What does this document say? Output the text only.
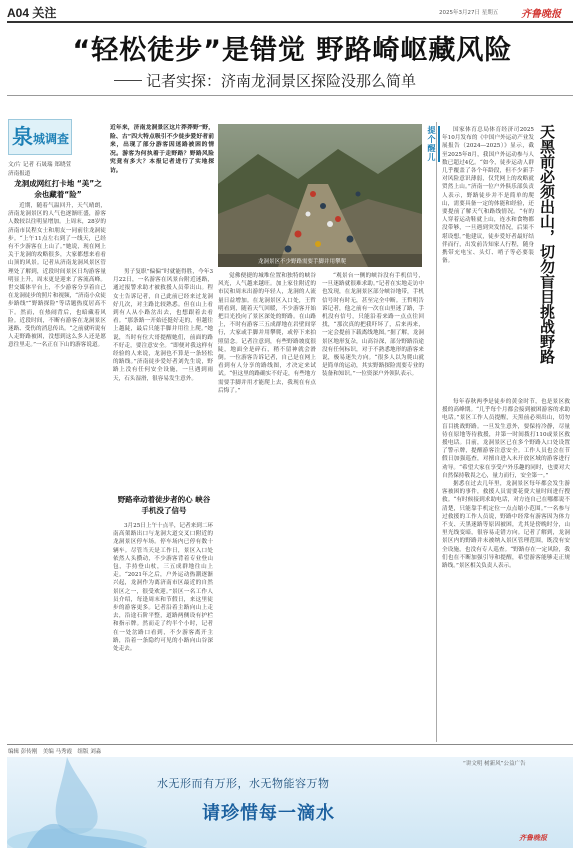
A04 关注	2025年3月27日 星期五 齐鲁晚报
“轻松徒步”是错觉 野路崎岖藏风险
记者实探：济南龙洞景区探险没那么简单
泉 城调查
文/片 记者 石晟瑞 郑晓萱
济南报道
近年来，济南龙洞景区这片莽莽野“野，险、古”四大特点吸引不少徒步爱好者前来，出现了部分游客因迷路被困的情况。游客为何执着于走野路？野路风险究竟有多大？本报记者进行了实地探访。
龙洞景区不少野路需要手脚并用攀爬
提个醒儿	天黑前必须出山，切勿盲目挑战野路
龙洞成网红打卡地 “美”之余也藏着“险”

近期，随着气温回升，天气晴朗，济南龙洞景区的人气也逐渐旺盛，游客人数较以往明显增加。上周末，28岁的济南市民程女士和朋友一同前往龙洞徒步。“上午11点左右到了一线天，已经有不少游客在上山了。”她说，现在网上关于龙洞的攻略很多，大家都想来看看山顶的风景。记者从济南龙洞风景区管理处了解到，近段时间景区日均游客量明显上升，周末更是迎来了客流高峰。世交媒体平台上，不少游客分享着自己在龙洞徒步的照片和视频，“济南小众徒步路线”“野路探险”等话题热度居高不下。然而，在热闹背后，也暗藏着风险。近段时间，不断有游客在龙洞景区迷路、受伤的消息传出。“之前就听说有人走野路被困，没想到这么多人还是愿意往里走。”一名正在下山的游客说道。

男子复职”偏偏“时就能得胜，今年3月22日，一名游客在风景台附近迷路，通过报警求助才被救援人员带出山。程女士告诉记者，自己此前已经来过龙洞好几次，对主路比较熟悉。但在山上看到有人从小路岔出去，也想跟着去看看。“那条路一开始还挺好走的，但越往上越陡，最后只能手脚并用往上爬。”她说，当时有位大哥提醒她们，前面的路不好走，要注意安全。“即便对我这样有经验的人来说，龙洞也不算是一条轻松的路线。”济南徒步爱好者刘先生说，野路上没有任何安全设施，一旦遇到雨天，石头湿滑，很容易发生意外。

野路牵动着徒步者的心 峡谷手机没了信号

3月25日上午十点半，记者来到二环南高架路出口与龙洞大道交叉口附近的龙洞景区停车场。停车场内已停有数十辆车。尽管当天是工作日，景区入口处依然人头攒动，不少游客背着专业登山包，手持登山杖，三五成群地往山上走。“2021年之后，户外运动热潮逐渐兴起，龙洞作为离济南市区最近的自然景区之一，很受欢迎。”景区一名工作人员介绍，每逢周末和节假日，来这里徒步的游客更多。记者沿着主路向山上走去，沿途石阶平整，道路两侧设有护栏和指示牌。然而走了约半个小时，记者在一处岔路口看到，不少游客离开主路，沿着一条隐约可见的小路向山谷深处走去。

觉佛便捷的城堆位置和独特的峡谷风光，人气越来越旺。加上家住附近的市民和周末出游的年轻人，龙洞的人流量日益增加。在龙洞景区入口处，王哲明看到，随着天气回暖，不少游客开始把目光投向了景区深处的野路。在山路上，不时有游客三五成群地在岩壁间穿行，大家或手脚并用攀爬，或停下来拍照留念。记者注意到，有些野路坡度很陡，地面全是碎石，稍不留神就会滑倒。一位游客告诉记者，自己是在网上看到有人分享的路线图，才决定来试试。“但这里的路确实不好走，有些地方需要手脚并用才能爬上去，我现在有点后悔了。”

“观景台一侧的峡谷没有手机信号，一旦迷路就很难求助。”记者在实地走访中也发现，在龙洞景区部分峡谷地带，手机信号时有时无，甚至完全中断。王哲明告诉记者，他之前有一次在山里迷了路，手机没有信号，只能沿着来路一点点往回找，“那次真的把我吓坏了，后来再来，一定会提前下载离线地图。”据了解，龙洞景区地形复杂，山高谷深，部分野路沿途没有任何标识，对于不熟悉地形的游客来说，极易迷失方向。“很多人以为爬山就是简单的运动，其实野路探险需要专业的装备和知识。”一位资深户外领队表示。

国家体育总局体育经济司2025年10月发布的《中国户外运动产业发展报告（2024—2025）》显示，截至2025年8月，我国户外运动参与人数已超过4亿。“如今，徒步运动人群几乎覆盖了各个年龄段，但不少新手对风险意识薄弱，仅凭网上的攻略就贸然上山。”济南一位户外俱乐部负责人表示，野路徒步并不是简单的爬山，需要具备一定的体能和经验，还要提前了解天气和路线情况。“有的人穿着运动鞋就上山，连水和食物都没带够，一旦遇到突发情况，后果不堪设想。”他建议，徒步爱好者最好结伴而行，出发前告知家人行程，随身携带充电宝、头灯、哨子等必要装备。

每年春秋两季是徒步的黄金时节，也是景区救援的高峰期。“几乎每个月都会接到被困游客的求助电话。”景区工作人员提醒，天黑前必须出山，切勿盲目挑战野路。一旦发生意外，要保持冷静，尽量待在原地等待救援，并第一时间拨打110或景区救援电话。目前，龙洞景区已在多个野路入口处设置了警示牌，提醒游客注意安全。工作人员也会在节假日加强巡查，对擅自进入未开放区域的游客进行劝导。“希望大家在享受户外乐趣的同时，也要对大自然保持敬畏之心，量力而行，安全第一。”

据悉在过去几年里，龙洞景区每年都会发生游客被困的事件，救援人员需要花费大量时间进行搜救。“有时候接到求助电话，对方连自己在哪都说不清楚，只能靠手机定位一点点缩小范围。”一名参与过救援的工作人员说，野路中经常有游客因为体力不支、天黑迷路等原因被困，尤其是傍晚时分，山里光线变暗，很容易走错方向。记者了解到，龙洞景区内的野路并未被纳入景区管理范围，既没有安全设施，也没有专人巡查。“野路存在一定风险，我们也在不断加强引导和提醒，希望游客能够走正规路线。”景区相关负责人表示。

编辑 彭传刚　美编 马秀霞　组版 刘淼
“讲文明 树新风”公益广告
水无形而有万形，水无物能容万物
请珍惜每一滴水
齐鲁晚报
